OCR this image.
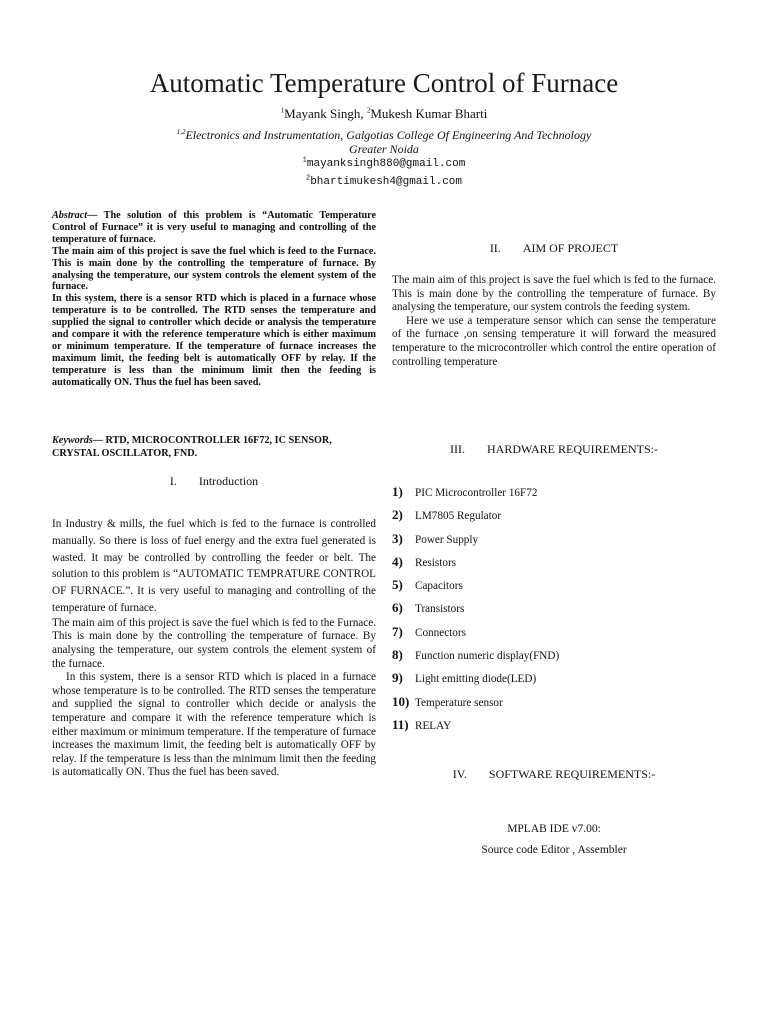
Automatic Temperature Control of Furnace
$^1$Mayank Singh, $^2$Mukesh Kumar Bharti
$^{1,2}$Electronics and Instrumentation, Galgotias College Of Engineering And Technology
Greater Noida
$^1$mayanksingh880@gmail.com
$^2$bhartimukesh4@gmail.com

Abstract— The solution of this problem is “Automatic Temperature Control of Furnace” it is very useful to managing and controlling of the temperature of furnace.

The main aim of this project is save the fuel which is feed to the Furnace. This is main done by the controlling the temperature of furnace. By analysing the temperature, our system controls the element system of the furnace.

In this system, there is a sensor RTD which is placed in a furnace whose temperature is to be controlled. The RTD senses the temperature and supplied the signal to controller which decide or analysis the temperature and compare it with the reference temperature which is either maximum or minimum temperature. If the temperature of furnace increases the maximum limit, the feeding belt is automatically OFF by relay. If the temperature is less than the minimum limit then the feeding is automatically ON. Thus the fuel has been saved.

Keywords— RTD, MICROCONTROLLER 16F72, IC SENSOR, CRYSTAL OSCILLATOR, FND.
I. Introduction

In Industry & mills, the fuel which is fed to the furnace is controlled manually. So there is loss of fuel energy and the extra fuel generated is wasted. It may be controlled by controlling the feeder or belt. The solution to this problem is “AUTOMATIC TEMPRATURE CONTROL OF FURNACE.”. It is very useful to managing and controlling of the temperature of furnace.

The main aim of this project is save the fuel which is fed to the Furnace. This is main done by the controlling the temperature of furnace. By analysing the temperature, our system controls the element system of the furnace.

In this system, there is a sensor RTD which is placed in a furnace whose temperature is to be controlled. The RTD senses the temperature and supplied the signal to controller which decide or analysis the temperature and compare it with the reference temperature which is either maximum or minimum temperature. If the temperature of furnace increases the maximum limit, the feeding belt is automatically OFF by relay. If the temperature is less than the minimum limit then the feeding is automatically ON. Thus the fuel has been saved.

II. AIM OF PROJECT

The main aim of this project is save the fuel which is fed to the furnace. This is main done by the controlling the temperature of furnace. By analysing the temperature, our system controls the feeding system.

Here we use a temperature sensor which can sense the temperature of the furnace ,on sensing temperature it will forward the measured temperature to the microcontroller which control the entire operation of controlling temperature

III. HARDWARE REQUIREMENTS:-
1)	PIC Microcontroller 16F72
2)	LM7805 Regulator
3)	Power Supply
4)	Resistors
5)	Capacitors
6)	Transistors
7)	Connectors
8)	Function numeric display(FND)
9)	Light emitting diode(LED)
10) Temperature sensor
11) RELAY
IV. SOFTWARE REQUIREMENTS:-
MPLAB IDE v7.00:
Source code Editor , Assembler
